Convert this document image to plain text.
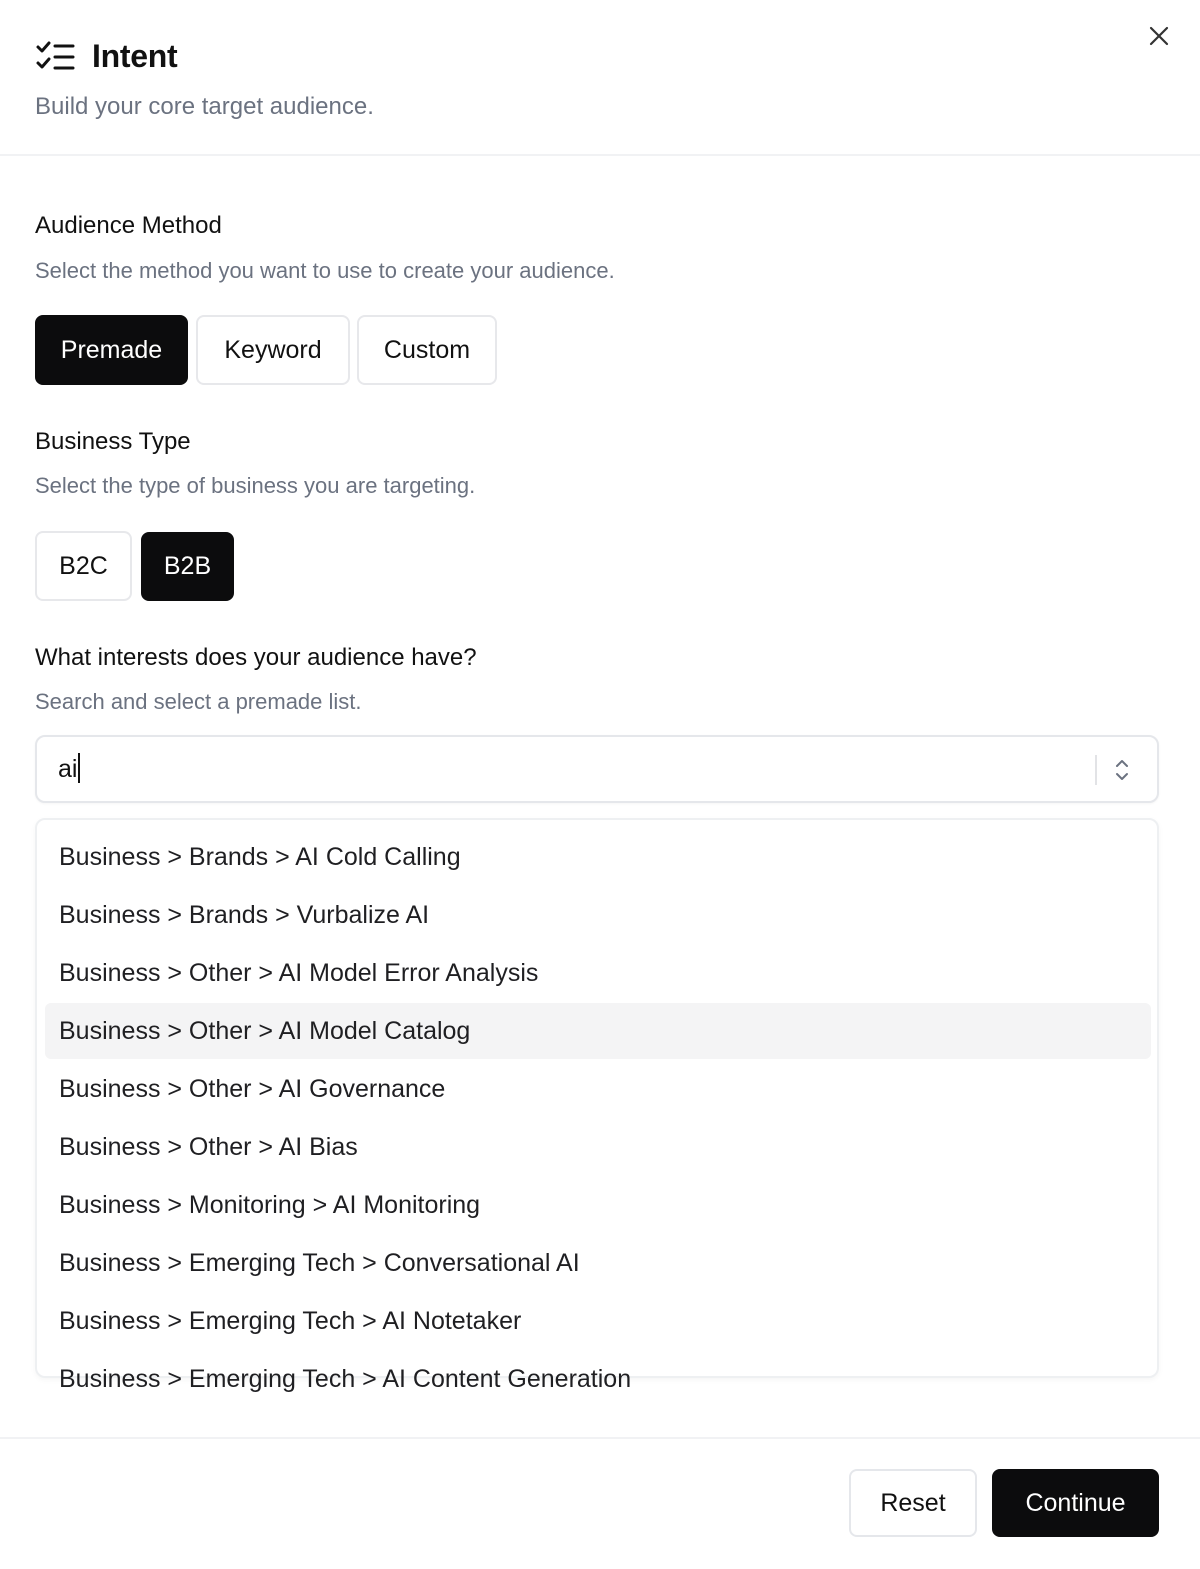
Intent
Build your core target audience.
Audience Method
Select the method you want to use to create your audience.
Premade	Keyword	Custom
Business Type
Select the type of business you are targeting.
B2C	B2B
What interests does your audience have?
Search and select a premade list.
ai
Business > Brands > AI Cold Calling
Business > Brands > Vurbalize AI
Business > Other > AI Model Error Analysis
Business > Other > AI Model Catalog
Business > Other > AI Governance
Business > Other > AI Bias
Business > Monitoring > AI Monitoring
Business > Emerging Tech > Conversational AI
Business > Emerging Tech > AI Notetaker
Business > Emerging Tech > AI Content Generation
Reset	Continue
